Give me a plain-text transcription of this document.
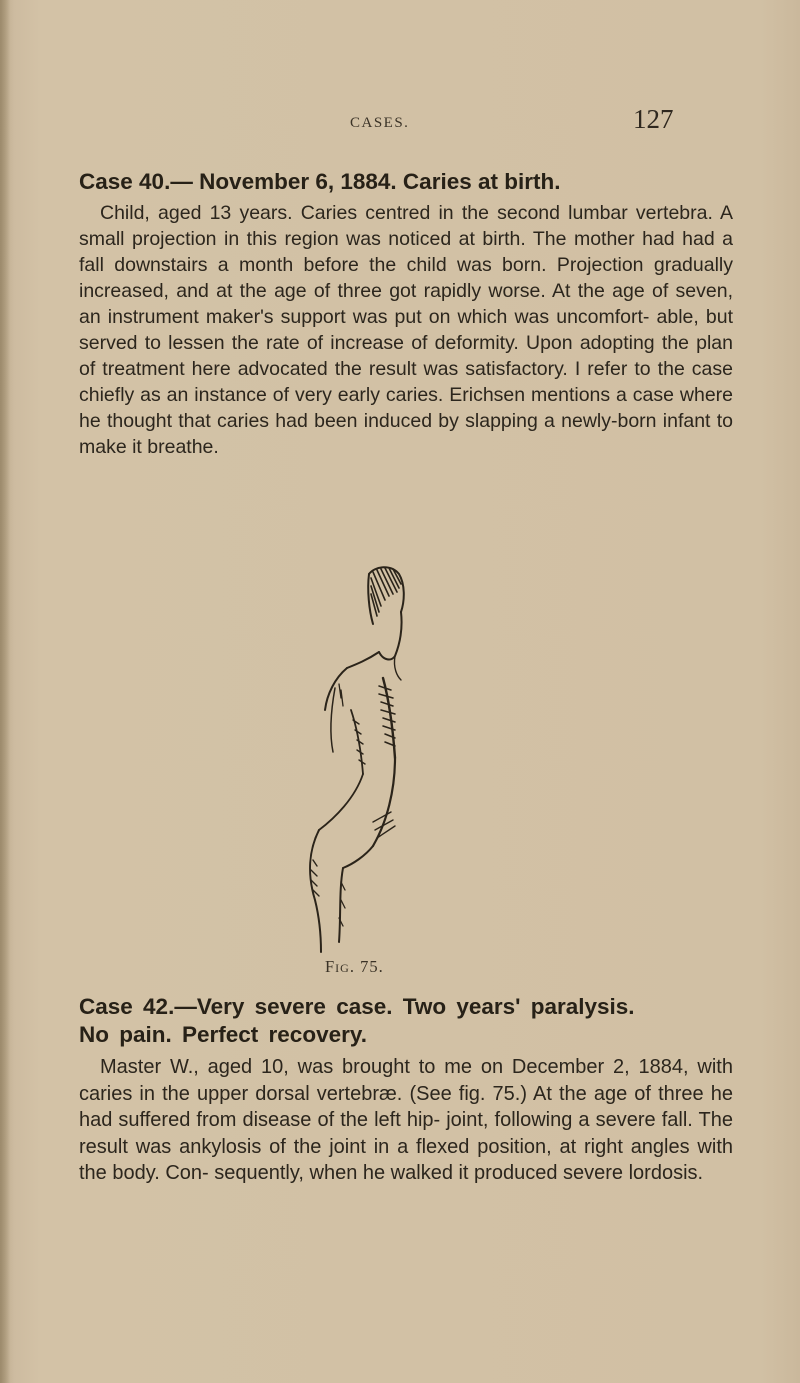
CASES.	127
Case 40.— November 6, 1884. Caries at birth.
Child, aged 13 years. Caries centred in the second lumbar vertebra. A small projection in this region was noticed at birth. The mother had had a fall downstairs a month before the child was born. Projection gradually increased, and at the age of three got rapidly worse. At the age of seven, an instrument maker's support was put on which was uncomfort- able, but served to lessen the rate of increase of deformity. Upon adopting the plan of treatment here advocated the result was satisfactory. I refer to the case chiefly as an instance of very early caries. Erichsen mentions a case where he thought that caries had been induced by slapping a newly-born infant to make it breathe.
Fig. 75.
Case 42.—Very severe case. Two years' paralysis.
No pain. Perfect recovery.
Master W., aged 10, was brought to me on December 2, 1884, with caries in the upper dorsal vertebræ. (See fig. 75.) At the age of three he had suffered from disease of the left hip- joint, following a severe fall. The result was ankylosis of the joint in a flexed position, at right angles with the body. Con- sequently, when he walked it produced severe lordosis.
